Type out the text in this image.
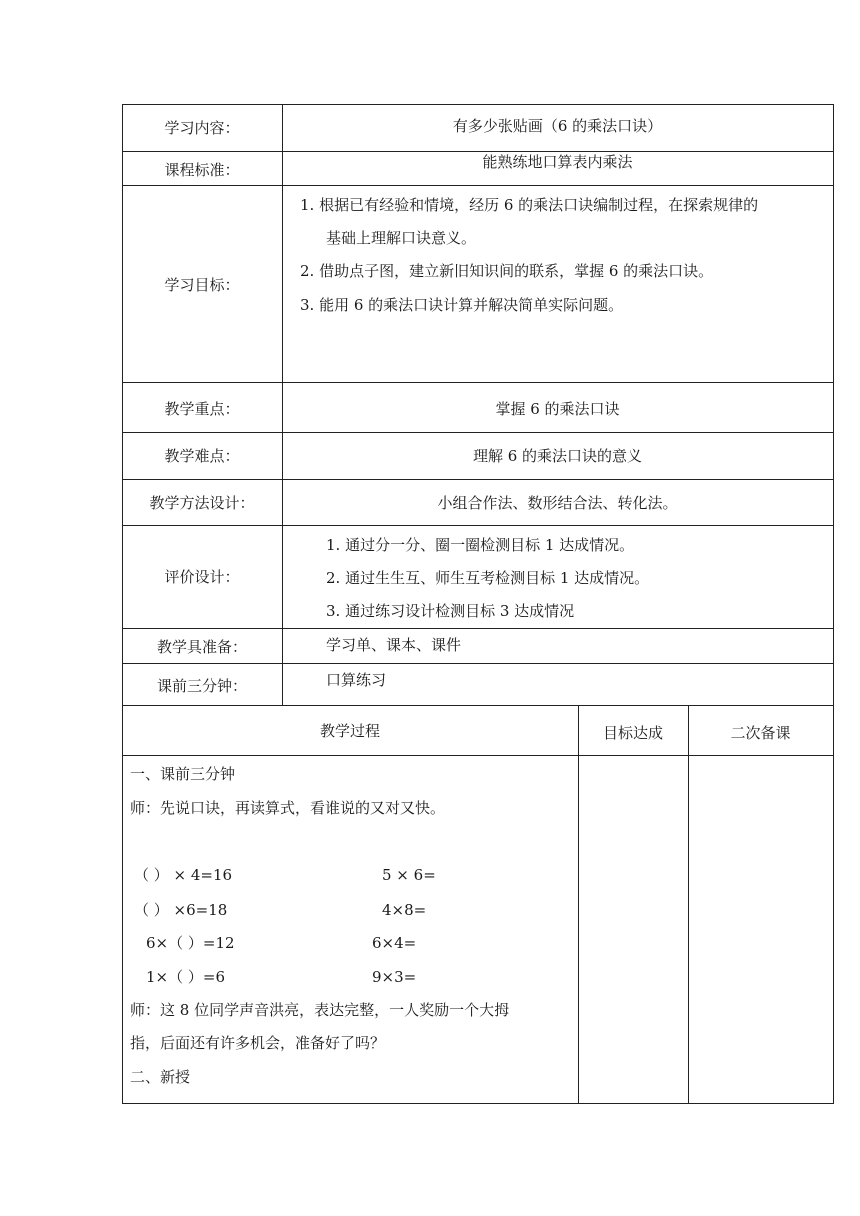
学习内容：	有多少张贴画（6 的乘法口诀）
课程标准：	能熟练地口算表内乘法
学习目标：
1. 根据已有经验和情境，经历 6 的乘法口诀编制过程，在探索规律的
基础上理解口诀意义。
2. 借助点子图，建立新旧知识间的联系，掌握 6 的乘法口诀。
3. 能用 6 的乘法口诀计算并解决简单实际问题。
教学重点：	掌握 6 的乘法口诀
教学难点：	理解 6 的乘法口诀的意义
教学方法设计：	小组合作法、数形结合法、转化法。
评价设计：
1. 通过分一分、圈一圈检测目标 1 达成情况。
2. 通过生生互、师生互考检测目标 1 达成情况。
3. 通过练习设计检测目标 3 达成情况
教学具准备：	学习单、课本、课件
课前三分钟：	口算练习
教学过程	目标达成	二次备课
一、课前三分钟
师：先说口诀，再读算式，看谁说的又对又快。
（ ） × 4=16	5 × 6=
（ ） ×6=18	4×8=
6×（ ）=12	6×4=
1×（ ）=6	9×3=
师：这 8 位同学声音洪亮，表达完整，一人奖励一个大拇
指，后面还有许多机会，准备好了吗？
二、新授
